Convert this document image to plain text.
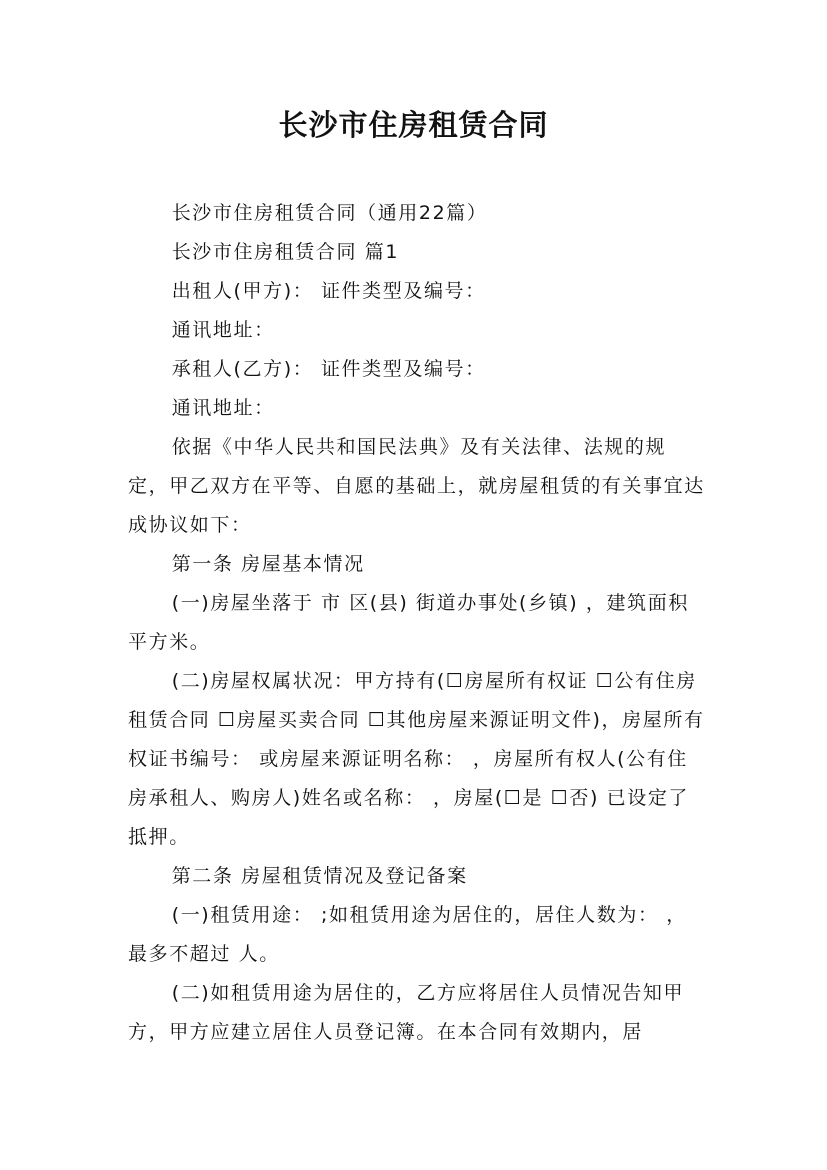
长沙市住房租赁合同

长沙市住房租赁合同（通用22篇）

长沙市住房租赁合同 篇1

出租人(甲方)： 证件类型及编号：

通讯地址：

承租人(乙方)： 证件类型及编号：

通讯地址：

依据《中华人民共和国民法典》及有关法律、法规的规定，甲乙双方在平等、自愿的基础上，就房屋租赁的有关事宜达成协议如下：

第一条 房屋基本情况

(一)房屋坐落于 市 区(县) 街道办事处(乡镇) ，建筑面积 平方米。

(二)房屋权属状况：甲方持有(☐房屋所有权证 ☐公有住房租赁合同 ☐房屋买卖合同 ☐其他房屋来源证明文件)，房屋所有权证书编号： 或房屋来源证明名称： ，房屋所有权人(公有住房承租人、购房人)姓名或名称： ，房屋(☐是 ☐否) 已设定了抵押。

第二条 房屋租赁情况及登记备案

(一)租赁用途： ;如租赁用途为居住的，居住人数为： ，最多不超过 人。

(二)如租赁用途为居住的，乙方应将居住人员情况告知甲方，甲方应建立居住人员登记簿。在本合同有效期内，居
